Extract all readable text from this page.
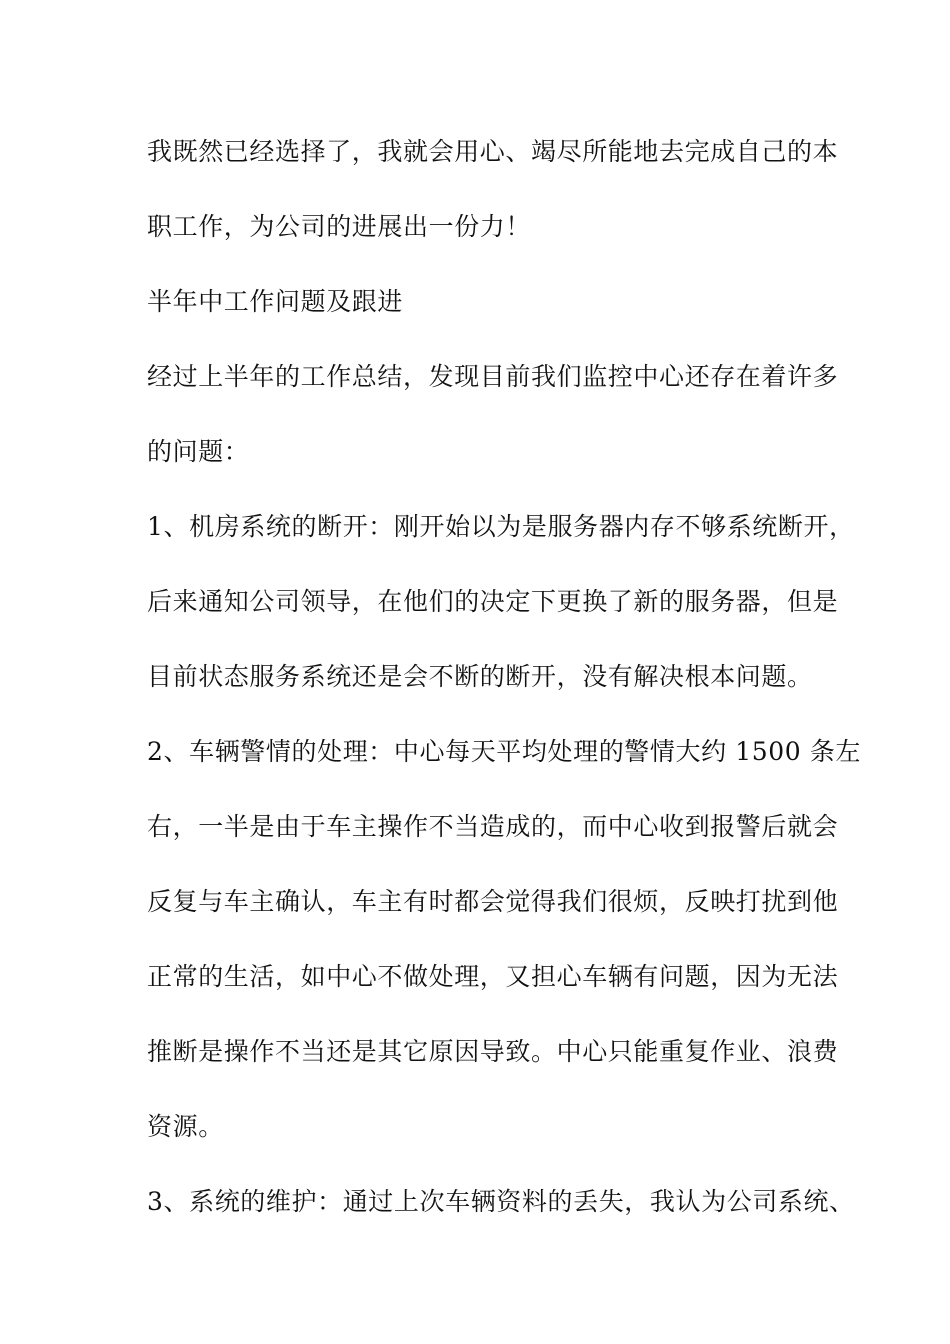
我既然已经选择了，我就会用心、竭尽所能地去完成自己的本
职工作，为公司的进展出一份力！
半年中工作问题及跟进
经过上半年的工作总结，发现目前我们监控中心还存在着许多
的问题：
1、机房系统的断开：刚开始以为是服务器内存不够系统断开，
后来通知公司领导，在他们的决定下更换了新的服务器，但是
目前状态服务系统还是会不断的断开，没有解决根本问题。
2、车辆警情的处理：中心每天平均处理的警情大约 1500 条左
右，一半是由于车主操作不当造成的，而中心收到报警后就会
反复与车主确认，车主有时都会觉得我们很烦，反映打扰到他
正常的生活，如中心不做处理，又担心车辆有问题，因为无法
推断是操作不当还是其它原因导致。中心只能重复作业、浪费
资源。
3、系统的维护：通过上次车辆资料的丢失，我认为公司系统、
